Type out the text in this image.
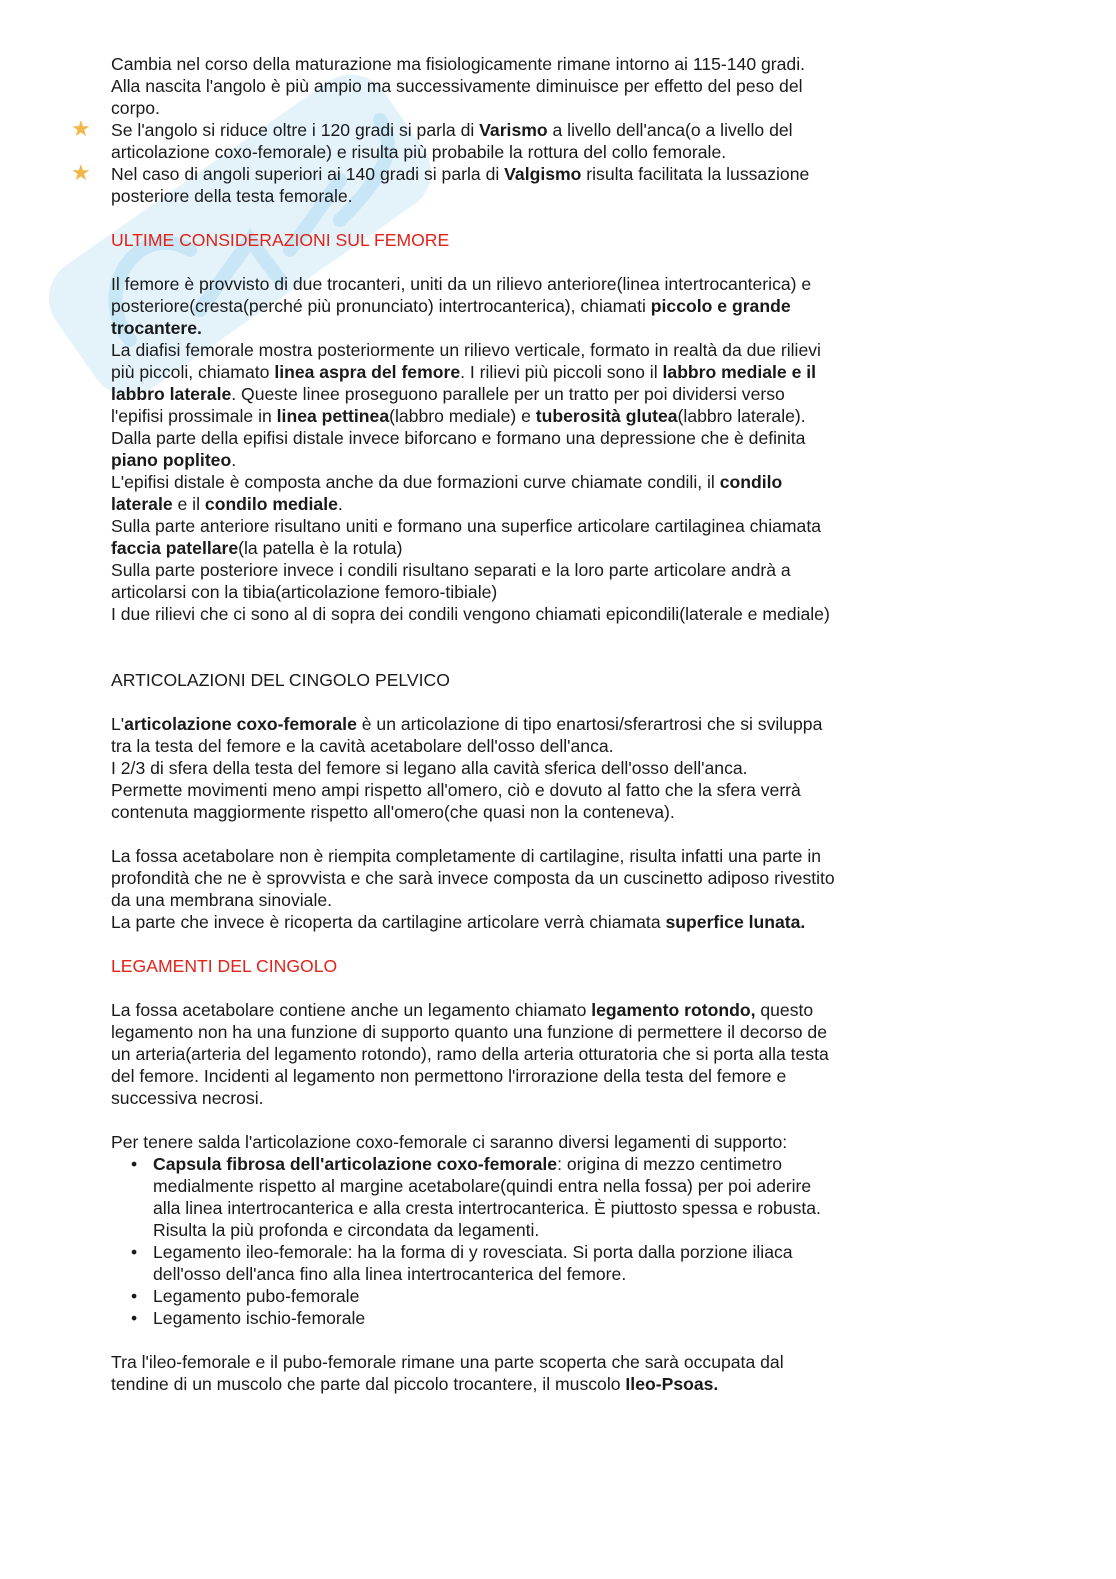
Cambia nel corso della maturazione ma fisiologicamente rimane intorno ai 115-140 gradi.

Alla nascita l'angolo è più ampio ma successivamente diminuisce per effetto del peso del corpo.

★ Se l'angolo si riduce oltre i 120 gradi si parla di Varismo a livello dell'anca(o a livello del articolazione coxo-femorale) e risulta più probabile la rottura del collo femorale.

★ Nel caso di angoli superiori ai 140 gradi si parla di Valgismo risulta facilitata la lussazione posteriore della testa femorale.

ULTIME CONSIDERAZIONI SUL FEMORE

Il femore è provvisto di due trocanteri, uniti da un rilievo anteriore(linea intertrocanterica) e posteriore(cresta(perché più pronunciato) intertrocanterica), chiamati piccolo e grande trocantere.

La diafisi femorale mostra posteriormente un rilievo verticale, formato in realtà da due rilievi più piccoli, chiamato linea aspra del femore. I rilievi più piccoli sono il labbro mediale e il labbro laterale. Queste linee proseguono parallele per un tratto per poi dividersi verso l'epifisi prossimale in linea pettinea(labbro mediale) e tuberosità glutea(labbro laterale).

Dalla parte della epifisi distale invece biforcano e formano una depressione che è definita piano popliteo.

L'epifisi distale è composta anche da due formazioni curve chiamate condili, il condilo laterale e il condilo mediale.

Sulla parte anteriore risultano uniti e formano una superfice articolare cartilaginea chiamata faccia patellare(la patella è la rotula)

Sulla parte posteriore invece i condili risultano separati e la loro parte articolare andrà a articolarsi con la tibia(articolazione femoro-tibiale)

I due rilievi che ci sono al di sopra dei condili vengono chiamati epicondili(laterale e mediale)

ARTICOLAZIONI DEL CINGOLO PELVICO

L'articolazione coxo-femorale è un articolazione di tipo enartosi/sferartrosi che si sviluppa tra la testa del femore e la cavità acetabolare dell'osso dell'anca.

I 2/3 di sfera della testa del femore si legano alla cavità sferica dell'osso dell'anca.

Permette movimenti meno ampi rispetto all'omero, ciò e dovuto al fatto che la sfera verrà contenuta maggiormente rispetto all'omero(che quasi non la conteneva).

La fossa acetabolare non è riempita completamente di cartilagine, risulta infatti una parte in profondità che ne è sprovvista e che sarà invece composta da un cuscinetto adiposo rivestito da una membrana sinoviale.

La parte che invece è ricoperta da cartilagine articolare verrà chiamata superfice lunata.

LEGAMENTI DEL CINGOLO

La fossa acetabolare contiene anche un legamento chiamato legamento rotondo, questo legamento non ha una funzione di supporto quanto una funzione di permettere il decorso de un arteria(arteria del legamento rotondo), ramo della arteria otturatoria che si porta alla testa del femore. Incidenti al legamento non permettono l'irrorazione della testa del femore e successiva necrosi.

Per tenere salda l'articolazione coxo-femorale ci saranno diversi legamenti di supporto:

• Capsula fibrosa dell'articolazione coxo-femorale: origina di mezzo centimetro medialmente rispetto al margine acetabolare(quindi entra nella fossa) per poi aderire alla linea intertrocanterica e alla cresta intertrocanterica. È piuttosto spessa e robusta. Risulta la più profonda e circondata da legamenti.
• Legamento ileo-femorale: ha la forma di y rovesciata. Si porta dalla porzione iliaca dell'osso dell'anca fino alla linea intertrocanterica del femore.
• Legamento pubo-femorale
• Legamento ischio-femorale

Tra l'ileo-femorale e il pubo-femorale rimane una parte scoperta che sarà occupata dal tendine di un muscolo che parte dal piccolo trocantere, il muscolo Ileo-Psoas.
